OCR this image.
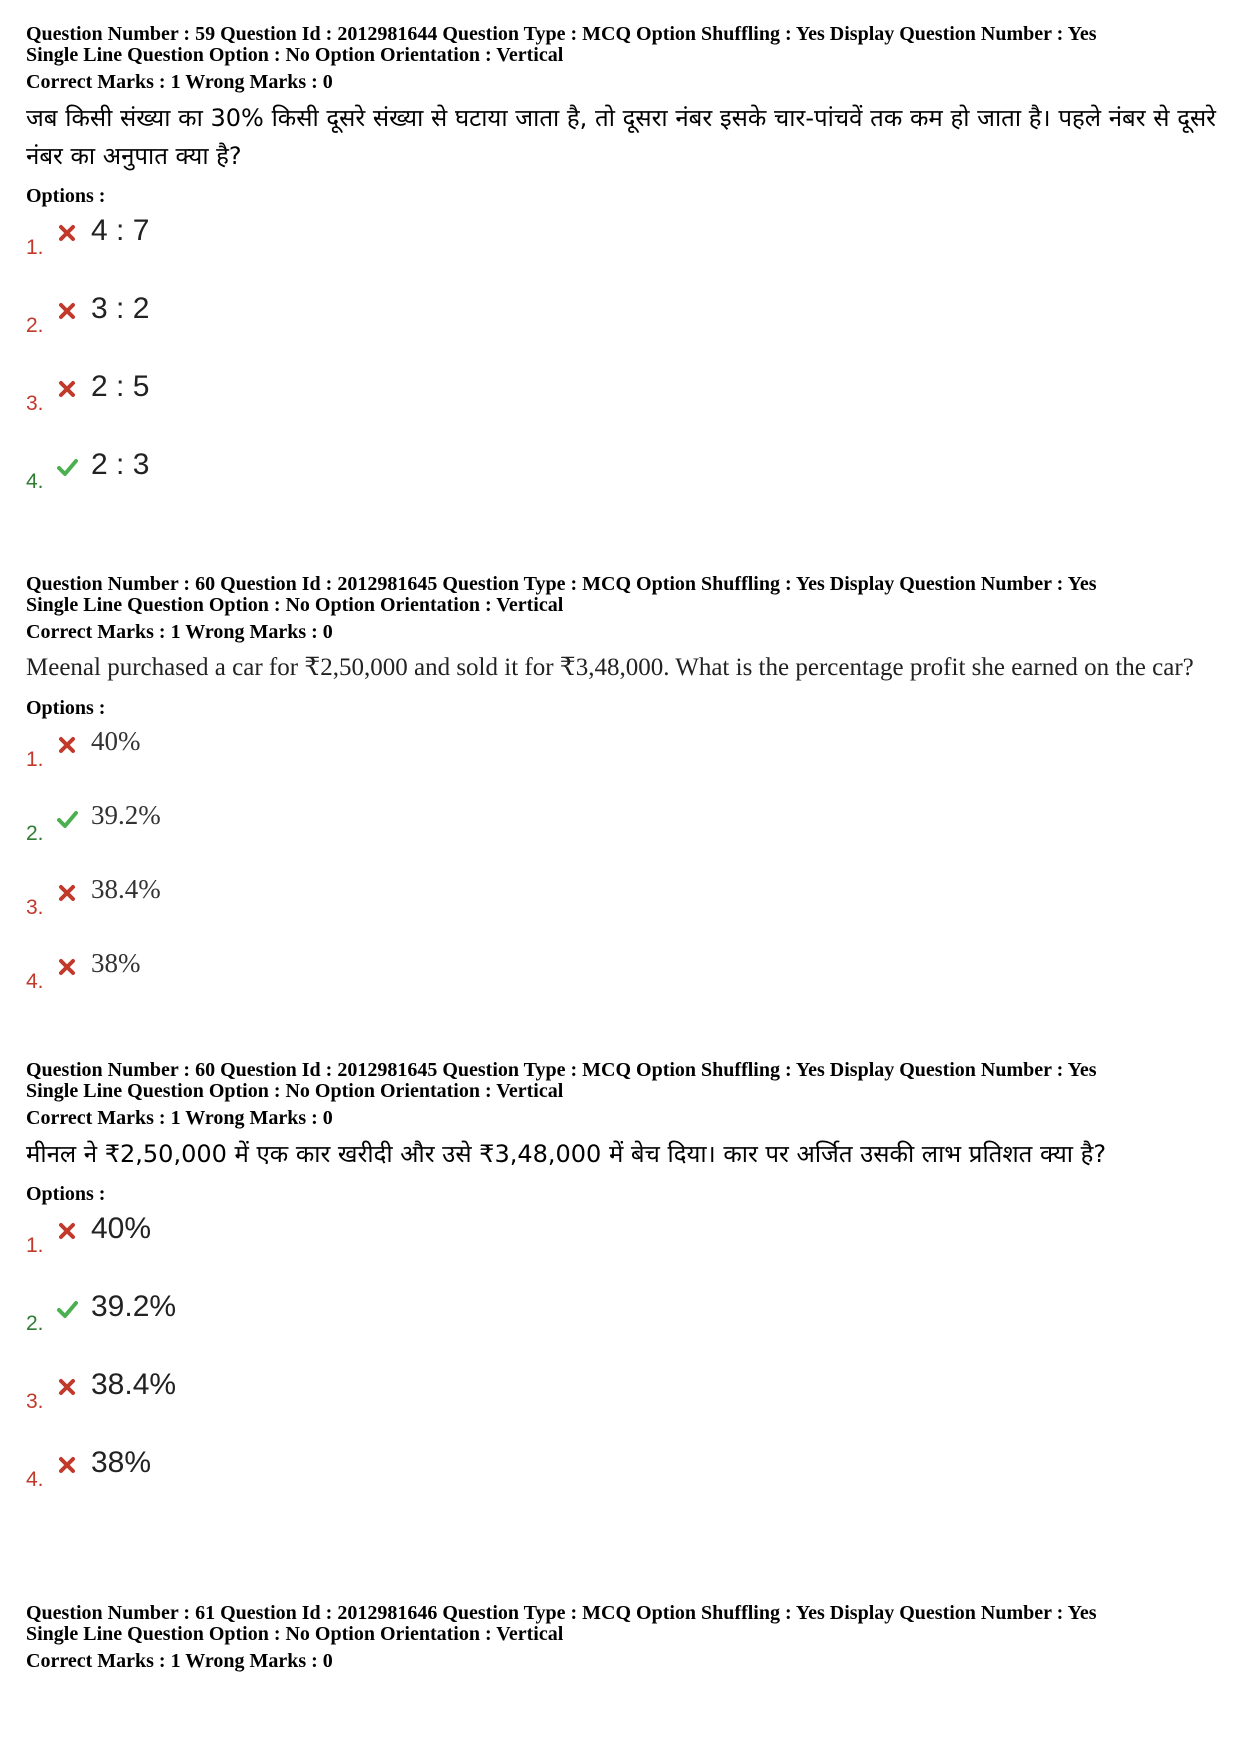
Question Number : 59 Question Id : 2012981644 Question Type : MCQ Option Shuffling : Yes Display Question Number : Yes

Single Line Question Option : No Option Orientation : Vertical

Correct Marks : 1 Wrong Marks : 0

जब किसी संख्या का 30% किसी दूसरे संख्या से घटाया जाता है, तो दूसरा नंबर इसके चार-पांचवें तक कम हो जाता है। पहले नंबर से दूसरे नंबर का अनुपात क्या है?
Options :
1.
4 : 7
2.
3 : 2
3.
2 : 5
4.
2 : 3

Question Number : 60 Question Id : 2012981645 Question Type : MCQ Option Shuffling : Yes Display Question Number : Yes

Single Line Question Option : No Option Orientation : Vertical

Correct Marks : 1 Wrong Marks : 0

Meenal purchased a car for ₹2,50,000 and sold it for ₹3,48,000. What is the percentage profit she earned on the car?
Options :
1.
40%
2.
39.2%
3.
38.4%
4.
38%

Question Number : 60 Question Id : 2012981645 Question Type : MCQ Option Shuffling : Yes Display Question Number : Yes

Single Line Question Option : No Option Orientation : Vertical

Correct Marks : 1 Wrong Marks : 0

मीनल ने ₹2,50,000 में एक कार खरीदी और उसे ₹3,48,000 में बेच दिया। कार पर अर्जित उसकी लाभ प्रतिशत क्या है?
Options :
1.
40%
2.
39.2%
3.
38.4%
4.
38%

Question Number : 61 Question Id : 2012981646 Question Type : MCQ Option Shuffling : Yes Display Question Number : Yes

Single Line Question Option : No Option Orientation : Vertical

Correct Marks : 1 Wrong Marks : 0
